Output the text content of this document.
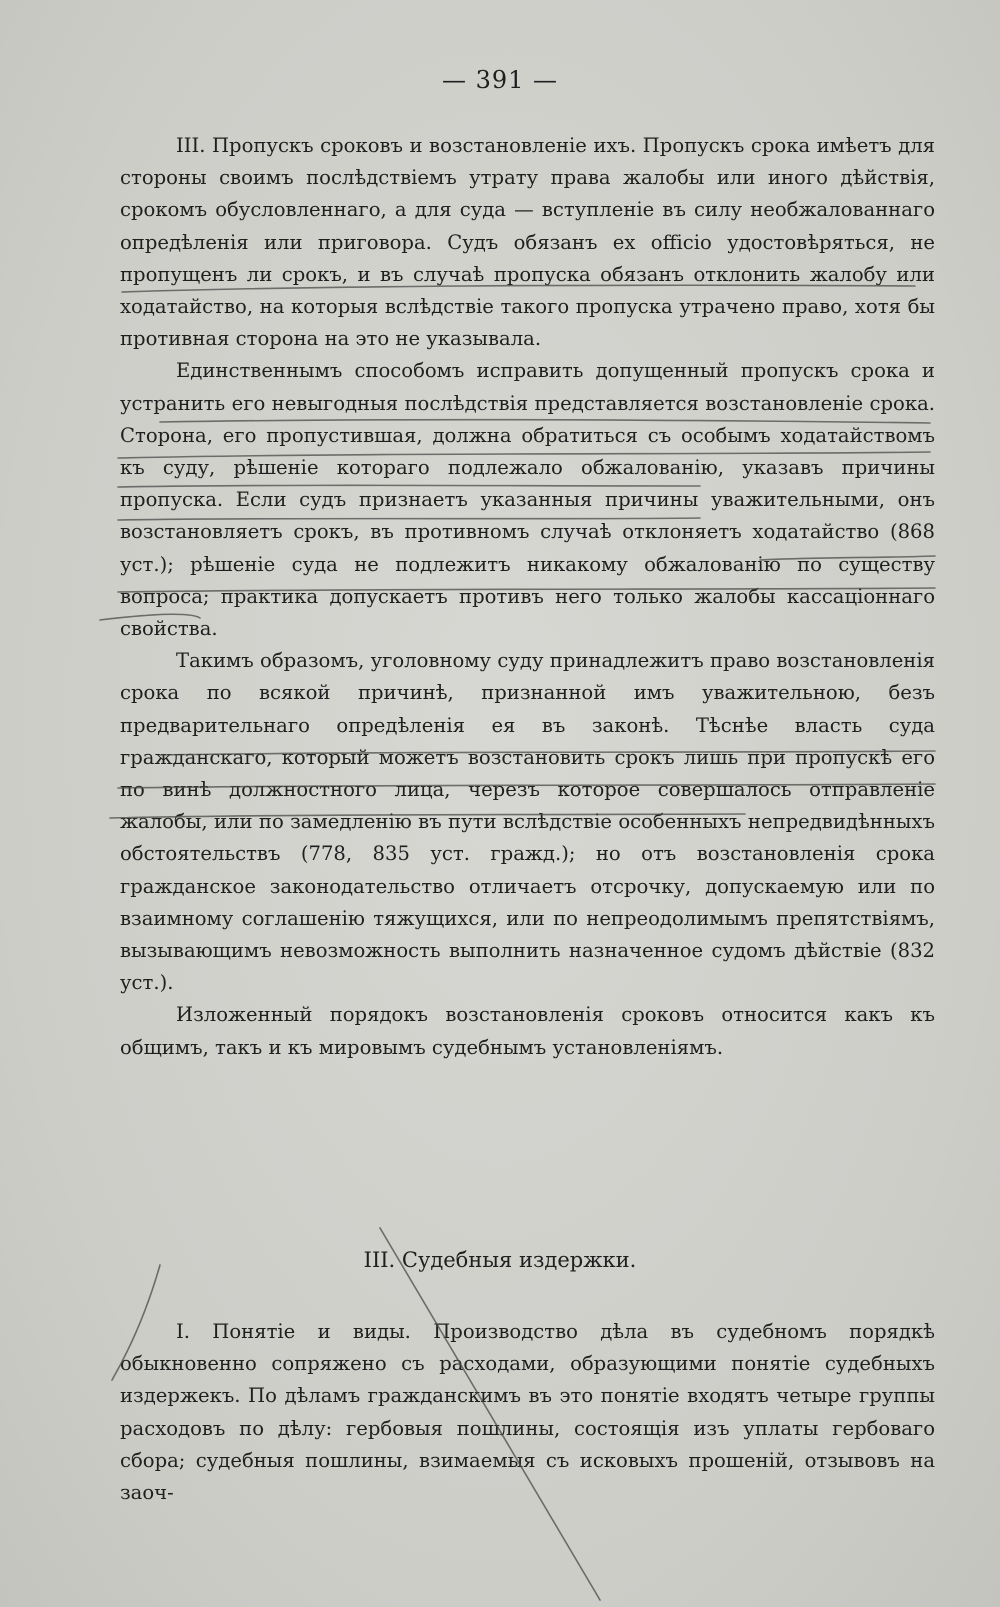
— 391 —

III. Пропускъ сроковъ и возстановленіе ихъ. Пропускъ срока имѣетъ для стороны своимъ послѣдствіемъ утрату права жалобы или иного дѣйствія, срокомъ обусловленнаго, а для суда — вступленіе въ силу необжалованнаго опредѣленія или приговора. Судъ обязанъ ex officio удостовѣряться, не пропущенъ ли срокъ, и въ случаѣ пропуска обязанъ отклонить жалобу или ходатайство, на которыя вслѣдствіе такого пропуска утрачено право, хотя бы противная сторона на это не указывала.

Единственнымъ способомъ исправить допущенный пропускъ срока и устранить его невыгодныя послѣдствія представляется возстановленіе срока. Сторона, его пропустившая, должна обратиться съ особымъ ходатайствомъ къ суду, рѣшеніе котораго подлежало обжалованію, указавъ причины пропуска. Если судъ признаетъ указанныя причины уважительными, онъ возстановляетъ срокъ, въ противномъ случаѣ отклоняетъ ходатайство (868 уст.); рѣшеніе суда не подлежитъ никакому обжалованію по существу вопроса; практика допускаетъ противъ него только жалобы кассаціоннаго свойства.

Такимъ образомъ, уголовному суду принадлежитъ право возстановленія срока по всякой причинѣ, признанной имъ уважительною, безъ предварительнаго опредѣленія ея въ законѣ. Тѣснѣе власть суда гражданскаго, который можетъ возстановить срокъ лишь при пропускѣ его по винѣ должностного лица, черезъ которое совершалось отправленіе жалобы, или по замедленію въ пути вслѣдствіе особенныхъ непредвидѣнныхъ обстоятельствъ (778, 835 уст. гражд.); но отъ возстановленія срока гражданское законодательство отличаетъ отсрочку, допускаемую или по взаимному соглашенію тяжущихся, или по непреодолимымъ препятствіямъ, вызывающимъ невозможность выполнить назначенное судомъ дѣйствіе (832 уст.).

Изложенный порядокъ возстановленія сроковъ относится какъ къ общимъ, такъ и къ мировымъ судебнымъ установленіямъ.

III. Судебныя издержки.

I. Понятіе и виды. Производство дѣла въ судебномъ порядкѣ обыкновенно сопряжено съ расходами, образующими понятіе судебныхъ издержекъ. По дѣламъ гражданскимъ въ это понятіе входятъ четыре группы расходовъ по дѣлу: гербовыя пошлины, состоящія изъ уплаты гербоваго сбора; судебныя пошлины, взимаемыя съ исковыхъ прошеній, отзывовъ на заоч-
